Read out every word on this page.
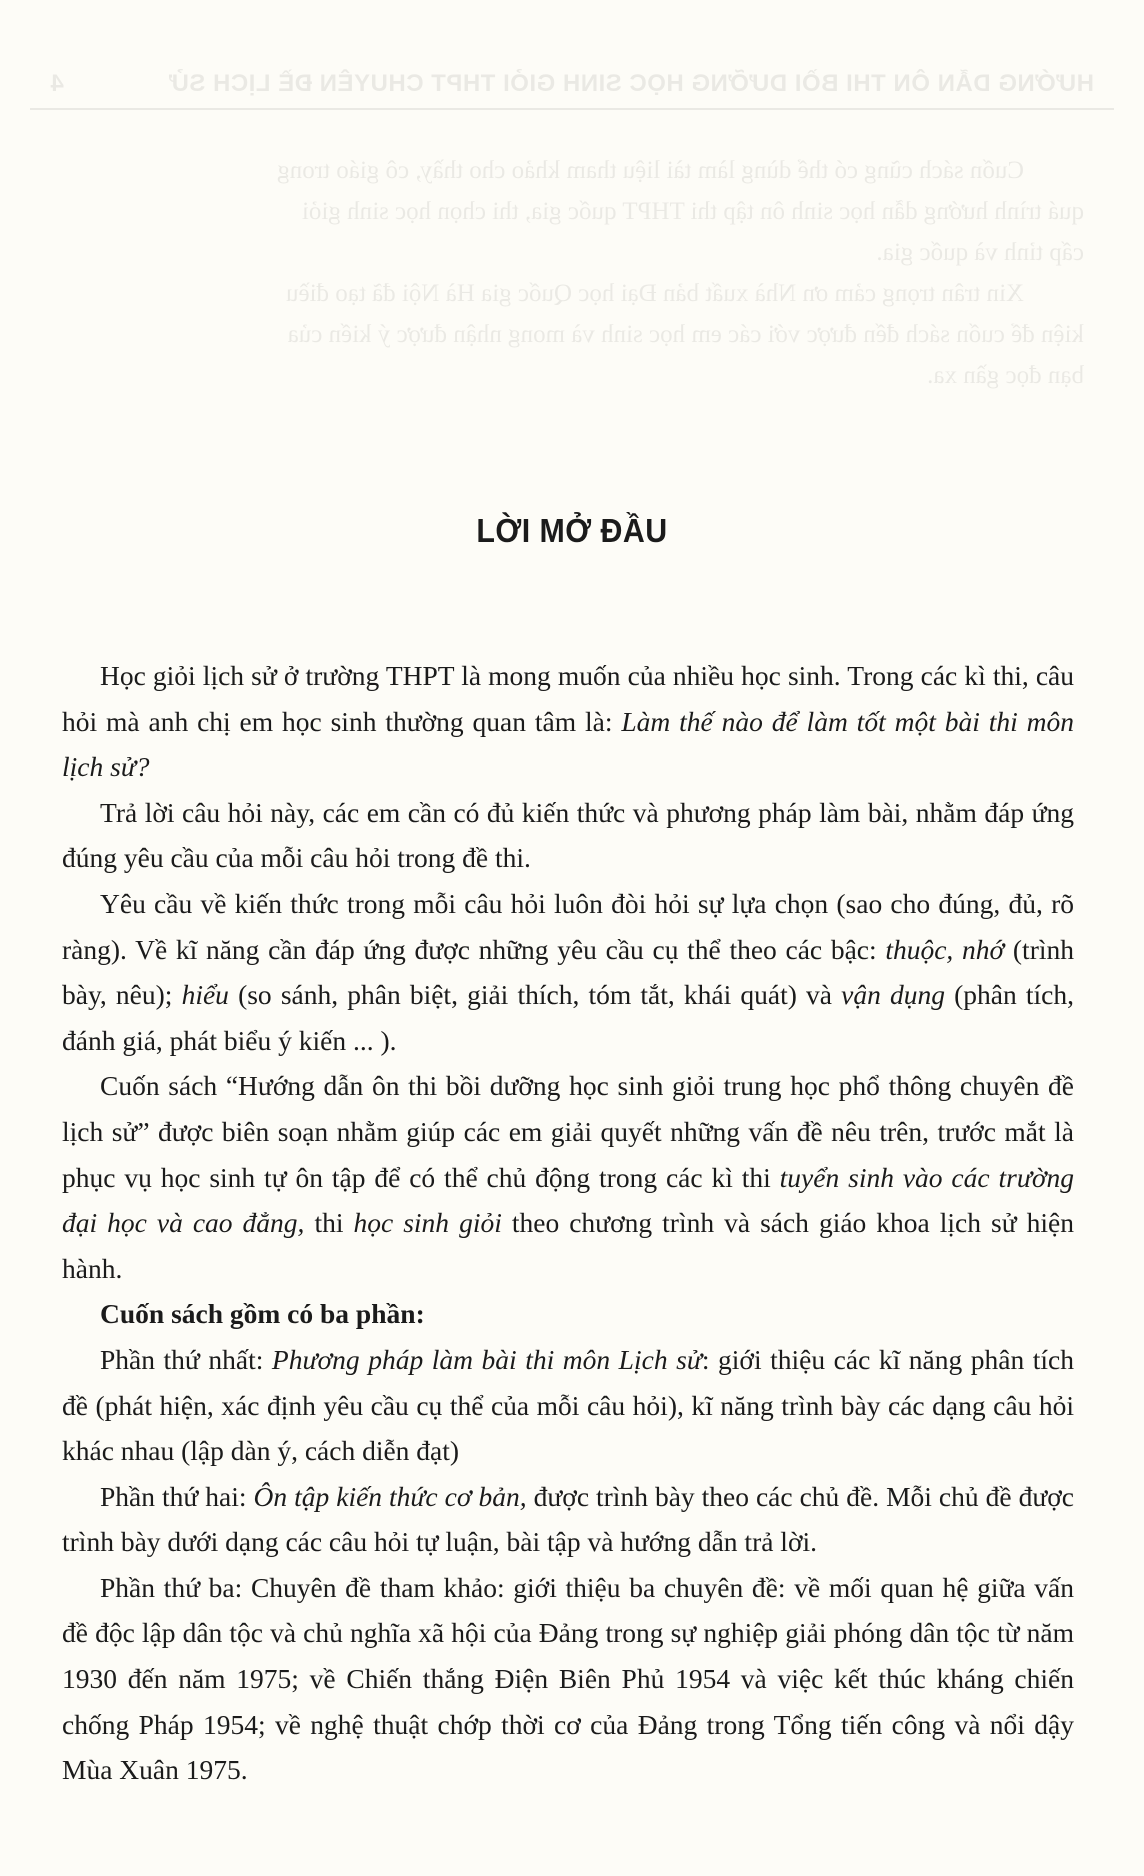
HƯỚNG DẪN ÔN THI BỒI DƯỠNG HỌC SINH GIỎI THPT CHUYÊN ĐỀ LỊCH SỬ
4
Cuốn sách cũng có thể dùng làm tài liệu tham khảo cho thầy, cô giáo trong
quá trình hướng dẫn học sinh ôn tập thi THPT quốc gia, thi chọn học sinh giỏi
cấp tỉnh và quốc gia.
Xin trân trọng cảm ơn Nhà xuất bản Đại học Quốc gia Hà Nội đã tạo điều
kiện để cuốn sách đến được với các em học sinh và mong nhận được ý kiến của
bạn đọc gần xa.
LỜI MỞ ĐẦU

Học giỏi lịch sử ở trường THPT là mong muốn của nhiều học sinh. Trong các kì thi, câu hỏi mà anh chị em học sinh thường quan tâm là: Làm thế nào để làm tốt một bài thi môn lịch sử?

Trả lời câu hỏi này, các em cần có đủ kiến thức và phương pháp làm bài, nhằm đáp ứng đúng yêu cầu của mỗi câu hỏi trong đề thi.

Yêu cầu về kiến thức trong mỗi câu hỏi luôn đòi hỏi sự lựa chọn (sao cho đúng, đủ, rõ ràng). Về kĩ năng cần đáp ứng được những yêu cầu cụ thể theo các bậc: thuộc, nhớ (trình bày, nêu); hiểu (so sánh, phân biệt, giải thích, tóm tắt, khái quát) và vận dụng (phân tích, đánh giá, phát biểu ý kiến ... ).

Cuốn sách “Hướng dẫn ôn thi bồi dưỡng học sinh giỏi trung học phổ thông chuyên đề lịch sử” được biên soạn nhằm giúp các em giải quyết những vấn đề nêu trên, trước mắt là phục vụ học sinh tự ôn tập để có thể chủ động trong các kì thi tuyển sinh vào các trường đại học và cao đẳng, thi học sinh giỏi theo chương trình và sách giáo khoa lịch sử hiện hành.

Cuốn sách gồm có ba phần:

Phần thứ nhất: Phương pháp làm bài thi môn Lịch sử: giới thiệu các kĩ năng phân tích đề (phát hiện, xác định yêu cầu cụ thể của mỗi câu hỏi), kĩ năng trình bày các dạng câu hỏi khác nhau (lập dàn ý, cách diễn đạt)

Phần thứ hai: Ôn tập kiến thức cơ bản, được trình bày theo các chủ đề. Mỗi chủ đề được trình bày dưới dạng các câu hỏi tự luận, bài tập và hướng dẫn trả lời.

Phần thứ ba: Chuyên đề tham khảo: giới thiệu ba chuyên đề: về mối quan hệ giữa vấn đề độc lập dân tộc và chủ nghĩa xã hội của Đảng trong sự nghiệp giải phóng dân tộc từ năm 1930 đến năm 1975; về Chiến thắng Điện Biên Phủ 1954 và việc kết thúc kháng chiến chống Pháp 1954; về nghệ thuật chớp thời cơ của Đảng trong Tổng tiến công và nổi dậy Mùa Xuân 1975.
